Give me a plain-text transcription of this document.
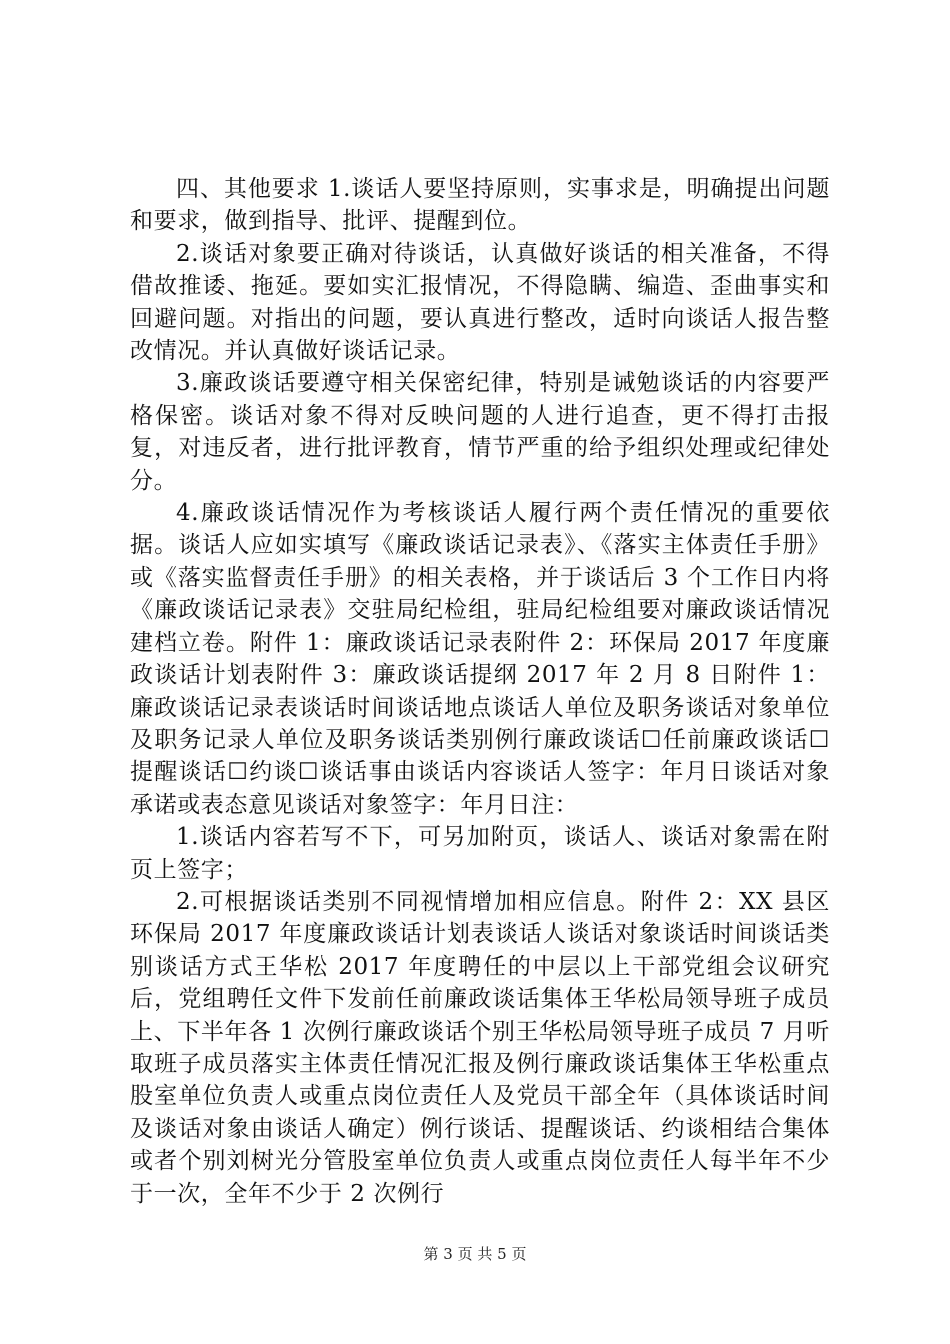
四、其他要求 1.谈话人要坚持原则，实事求是，明确提出问题和要求，做到指导、批评、提醒到位。

2.谈话对象要正确对待谈话，认真做好谈话的相关准备，不得借故推诿、拖延。要如实汇报情况，不得隐瞒、编造、歪曲事实和回避问题。对指出的问题，要认真进行整改，适时向谈话人报告整改情况。并认真做好谈话记录。

3.廉政谈话要遵守相关保密纪律，特别是诫勉谈话的内容要严格保密。谈话对象不得对反映问题的人进行追查，更不得打击报复，对违反者，进行批评教育，情节严重的给予组织处理或纪律处分。

4.廉政谈话情况作为考核谈话人履行两个责任情况的重要依据。谈话人应如实填写《廉政谈话记录表》、《落实主体责任手册》或《落实监督责任手册》的相关表格，并于谈话后 3 个工作日内将《廉政谈话记录表》交驻局纪检组，驻局纪检组要对廉政谈话情况建档立卷。附件 1：廉政谈话记录表附件 2：环保局 2017 年度廉政谈话计划表附件 3：廉政谈话提纲 2017 年 2 月 8 日附件 1：廉政谈话记录表谈话时间谈话地点谈话人单位及职务谈话对象单位及职务记录人单位及职务谈话类别例行廉政谈话☐任前廉政谈话☐提醒谈话☐约谈☐谈话事由谈话内容谈话人签字：年月日谈话对象承诺或表态意见谈话对象签字：年月日注：

1.谈话内容若写不下，可另加附页，谈话人、谈话对象需在附页上签字；

2.可根据谈话类别不同视情增加相应信息。附件 2：XX 县区环保局 2017 年度廉政谈话计划表谈话人谈话对象谈话时间谈话类别谈话方式王华松 2017 年度聘任的中层以上干部党组会议研究后，党组聘任文件下发前任前廉政谈话集体王华松局领导班子成员上、下半年各 1 次例行廉政谈话个别王华松局领导班子成员 7 月听取班子成员落实主体责任情况汇报及例行廉政谈话集体王华松重点股室单位负责人或重点岗位责任人及党员干部全年（具体谈话时间及谈话对象由谈话人确定）例行谈话、提醒谈话、约谈相结合集体或者个别刘树光分管股室单位负责人或重点岗位责任人每半年不少于一次，全年不少于 2 次例行

第 3 页 共 5 页
